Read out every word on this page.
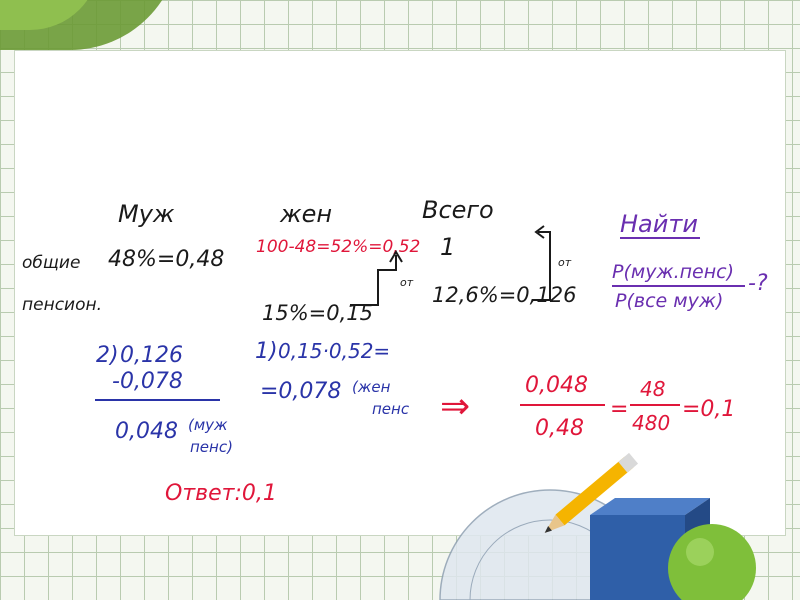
Муж	жен	Всего
общие
пенсион.
48%=0,48 100-48=52%=0,52 1
15%=0,15
12,6%=0,126
от
от
Найти
P(муж.пенс)
P(все муж)
-?
2) 0,126
-0,078
0,048 (муж
пенс)
1) 0,15·0,52=
=0,078 (жен
пенс ⇒
0,048
0,48
=
48
480
=0,1
Ответ:0,1
